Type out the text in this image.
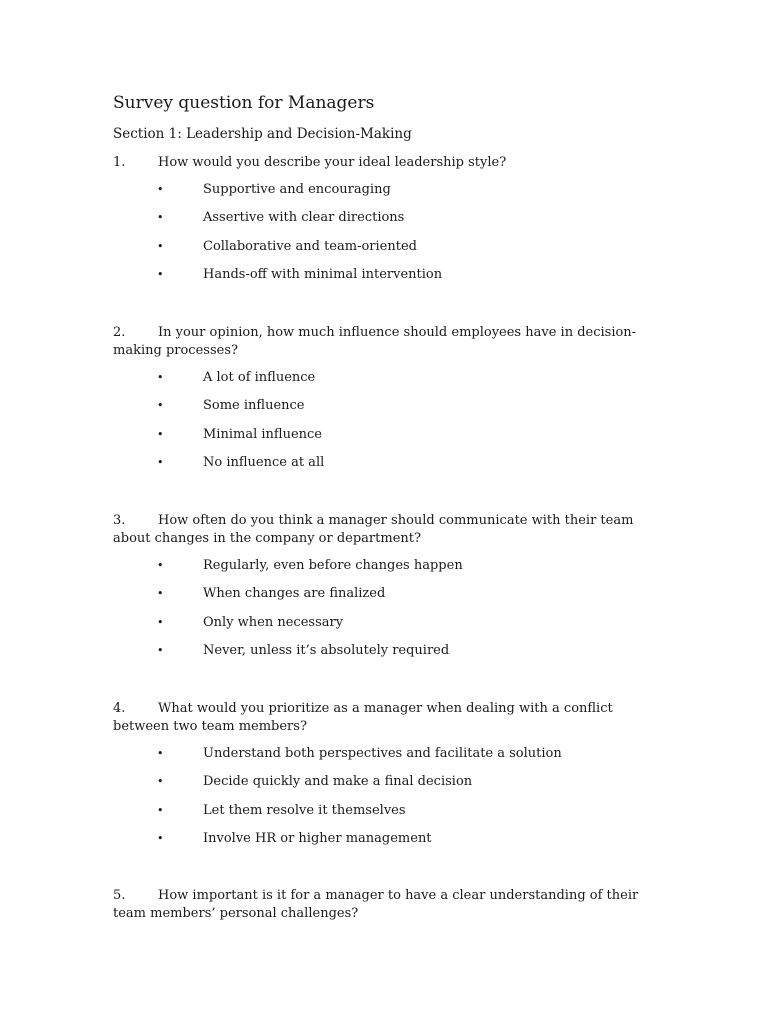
Survey question for Managers
Section 1: Leadership and Decision-Making

1.	How would you describe your ideal leadership style?

•	Supportive and encouraging
•	Assertive with clear directions
•	Collaborative and team-oriented
•	Hands-off with minimal intervention

2.	In your opinion, how much influence should employees have in decision-making processes?

•	A lot of influence
•	Some influence
•	Minimal influence
•	No influence at all

3.	How often do you think a manager should communicate with their team about changes in the company or department?

•	Regularly, even before changes happen
•	When changes are finalized
•	Only when necessary
•	Never, unless it’s absolutely required

4.	What would you prioritize as a manager when dealing with a conflict between two team members?

•	Understand both perspectives and facilitate a solution
•	Decide quickly and make a final decision
•	Let them resolve it themselves
•	Involve HR or higher management

5.	How important is it for a manager to have a clear understanding of their team members’ personal challenges?
